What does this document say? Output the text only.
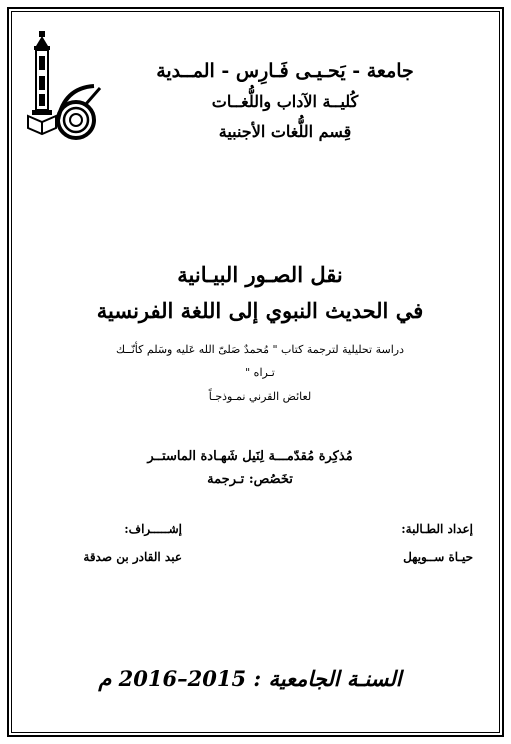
جامعة - يَحـيـى فَـارِس - المــدية
كُليــة الآداب واللُّغــات
قِسم اللُّغات الأجنبية
نقل الصـور البيـانية
في الحديث النبوي إلى اللغة الفرنسية
دراسة تحليلية لترجمة كتاب " مُحمدٌ صَلىّ الله عَليه وسَلم كأنّــك
تـراه "
لعائض القرني نمـوذجـاً
مُذكِرة مُقدّمـــة لِنَيل شَهـادة الماستــر
تخَصُص: تـرجمة
إعداد الطـالبة:
حيـاة ســويهل
إشـــــراف:
عبد القادر بن صدقة
السنـة الجامعية : 2015–2016 م
